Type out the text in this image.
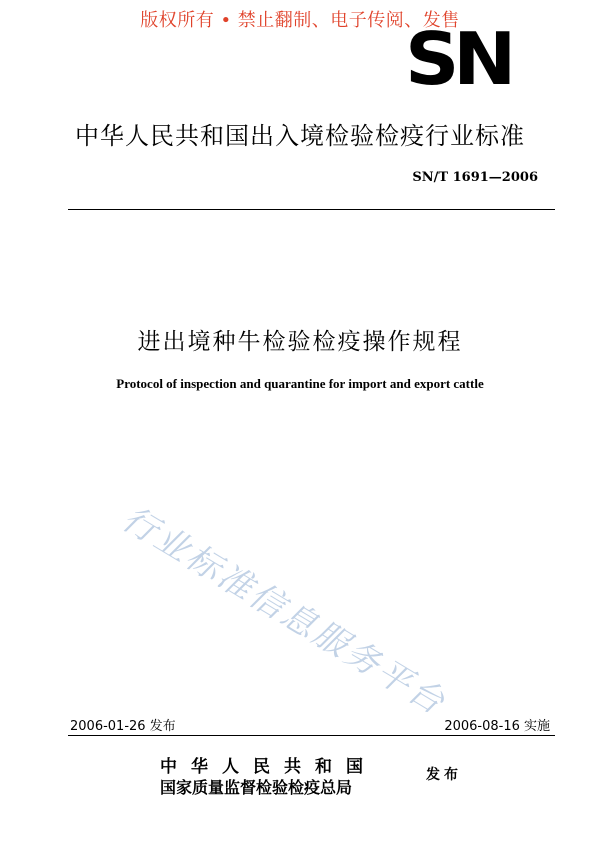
版权所有 • 禁止翻制、电子传阅、发售
SN
中华人民共和国出入境检验检疫行业标准
SN/T 1691—2006
进出境种牛检验检疫操作规程
Protocol of inspection and quarantine for import and export cattle
行业标准信息服务平台
2006-01-26 发布	2006-08-16 实施
中华人民共和国
国家质量监督检验检疫总局
发布
